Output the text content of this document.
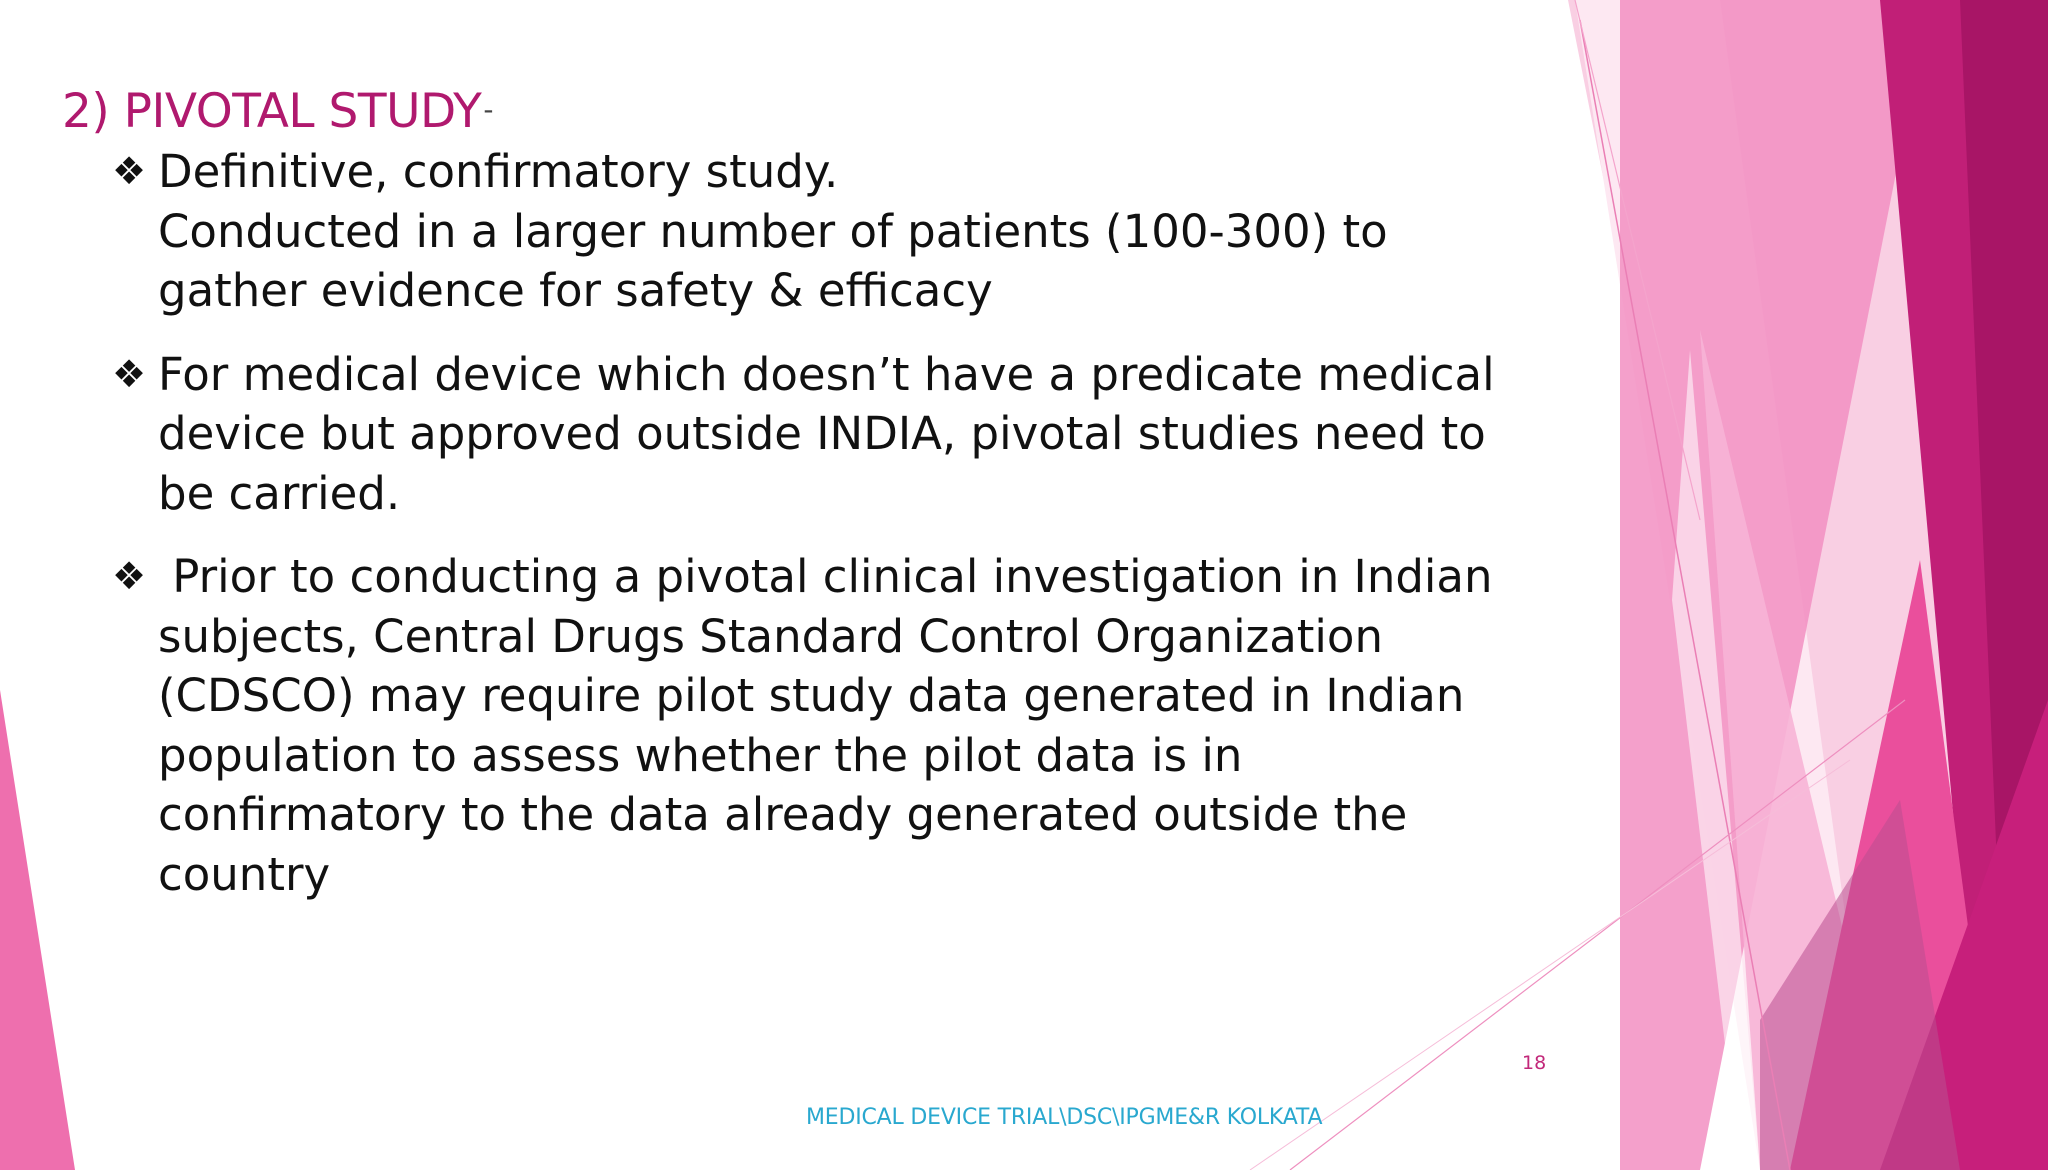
2) PIVOTAL STUDY-
❖ Definitive, confirmatory study.
Conducted in a larger number of patients (100-300) to
gather evidence for safety & efficacy
❖ For medical device which doesn’t have a predicate medical
device but approved outside INDIA, pivotal studies need to
be carried.
❖ Prior to conducting a pivotal clinical investigation in Indian
subjects, Central Drugs Standard Control Organization
(CDSCO) may require pilot study data generated in Indian
population to assess whether the pilot data is in
confirmatory to the data already generated outside the
country
18
MEDICAL DEVICE TRIAL\DSC\IPGME&R KOLKATA
